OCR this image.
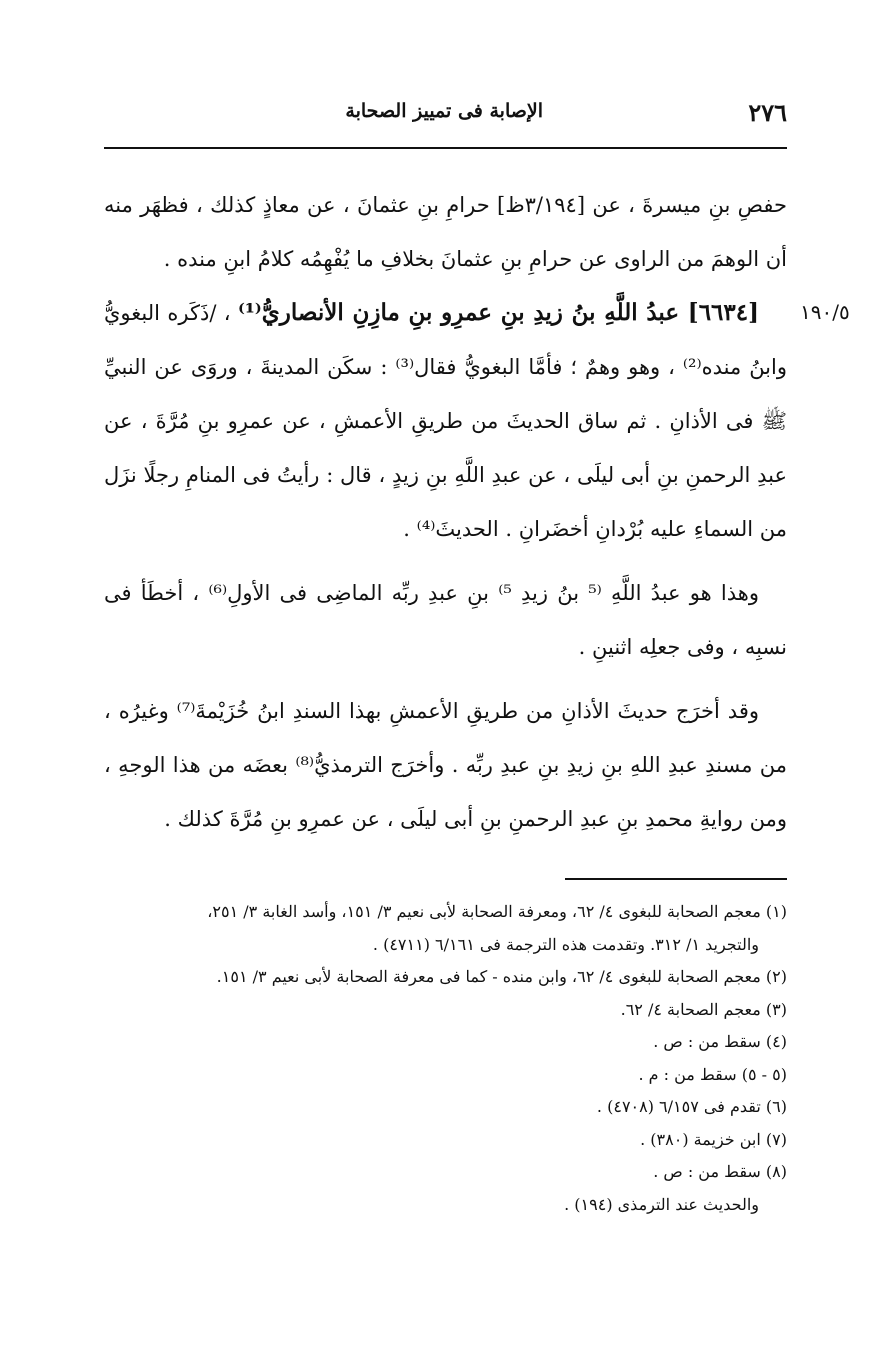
٢٧٦
الإصابة فى تمييز الصحابة
١٩٠/٥

حفصِ بنِ ميسرةَ ، عن [٣/١٩٤ظ] حرامِ بنِ عثمانَ ، عن معاذٍ كذلك ، فظهَر منه أن الوهمَ من الراوى عن حرامِ بنِ عثمانَ بخلافِ ما يُفْهِمُه كلامُ ابنِ منده .

[٦٦٣٤] عبدُ اللَّهِ بنُ زيدِ بنِ عمرِو بنِ مازِنِ الأنصاريُّ⁽¹⁾ ، /ذَكَره البغويُّ وابنُ منده⁽²⁾ ، وهو وهمٌ ؛ فأمَّا البغويُّ فقال⁽³⁾ : سكَن المدينةَ ، وروَى عن النبيِّ ﷺ فى الأذانِ . ثم ساق الحديثَ من طريقِ الأعمشِ ، عن عمرِو بنِ مُرَّةَ ، عن عبدِ الرحمنِ بنِ أبى ليلَى ، عن عبدِ اللَّهِ بنِ زيدٍ ، قال : رأيتُ فى المنامِ رجلًا نزَل من السماءِ عليه بُرْدانِ أخضَرانِ . الحديثَ⁽⁴⁾ .

وهذا هو عبدُ اللَّهِ ⁽⁵ بنُ زيدِ ⁵⁾ بنِ عبدِ ربِّه الماضِى فى الأولِ⁽⁶⁾ ، أخطَأ فى نسبِه ، وفى جعلِه اثنينِ .

وقد أخرَج حديثَ الأذانِ من طريقِ الأعمشِ بهذا السندِ ابنُ خُزَيْمةَ⁽⁷⁾ وغيرُه ، من مسندِ عبدِ اللهِ بنِ زيدِ بنِ عبدِ ربِّه . وأخرَج الترمذيُّ⁽⁸⁾ بعضَه من هذا الوجهِ ، ومن روايةِ محمدِ بنِ عبدِ الرحمنِ بنِ أبى ليلَى ، عن عمرِو بنِ مُرَّةَ كذلك .

(١) معجم الصحابة للبغوى ٤/ ٦٢، ومعرفة الصحابة لأبى نعيم ٣/ ١٥١، وأسد الغابة ٣/ ٢٥١،

والتجريد ١/ ٣١٢. وتقدمت هذه الترجمة فى ٦/١٦١ (٤٧١١) .

(٢) معجم الصحابة للبغوى ٤/ ٦٢، وابن منده - كما فى معرفة الصحابة لأبى نعيم ٣/ ١٥١.

(٣) معجم الصحابة ٤/ ٦٢.

(٤) سقط من : ص .

(٥ - ٥) سقط من : م .

(٦) تقدم فى ٦/١٥٧ (٤٧٠٨) .

(٧) ابن خزيمة (٣٨٠) .

(٨) سقط من : ص .

والحديث عند الترمذى (١٩٤) .
